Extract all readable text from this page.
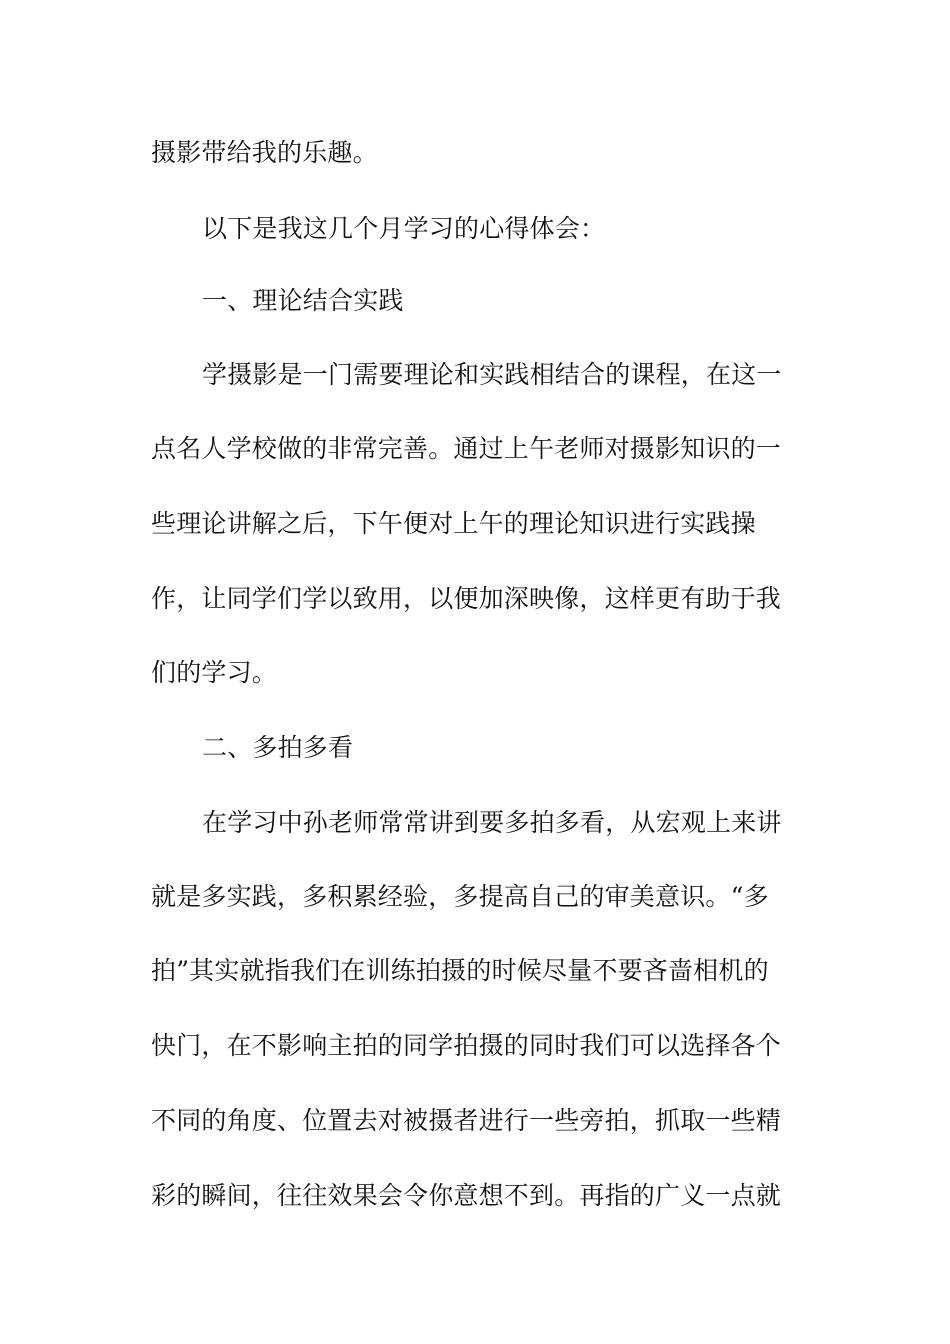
摄影带给我的乐趣。
以下是我这几个月学习的心得体会：
一、理论结合实践
学摄影是一门需要理论和实践相结合的课程，在这一
点名人学校做的非常完善。通过上午老师对摄影知识的一
些理论讲解之后，下午便对上午的理论知识进行实践操
作，让同学们学以致用，以便加深映像，这样更有助于我
们的学习。
二、多拍多看
在学习中孙老师常常讲到要多拍多看，从宏观上来讲
就是多实践，多积累经验，多提高自己的审美意识。“多
拍”其实就指我们在训练拍摄的时候尽量不要吝啬相机的
快门，在不影响主拍的同学拍摄的同时我们可以选择各个
不同的角度、位置去对被摄者进行一些旁拍，抓取一些精
彩的瞬间，往往效果会令你意想不到。再指的广义一点就
